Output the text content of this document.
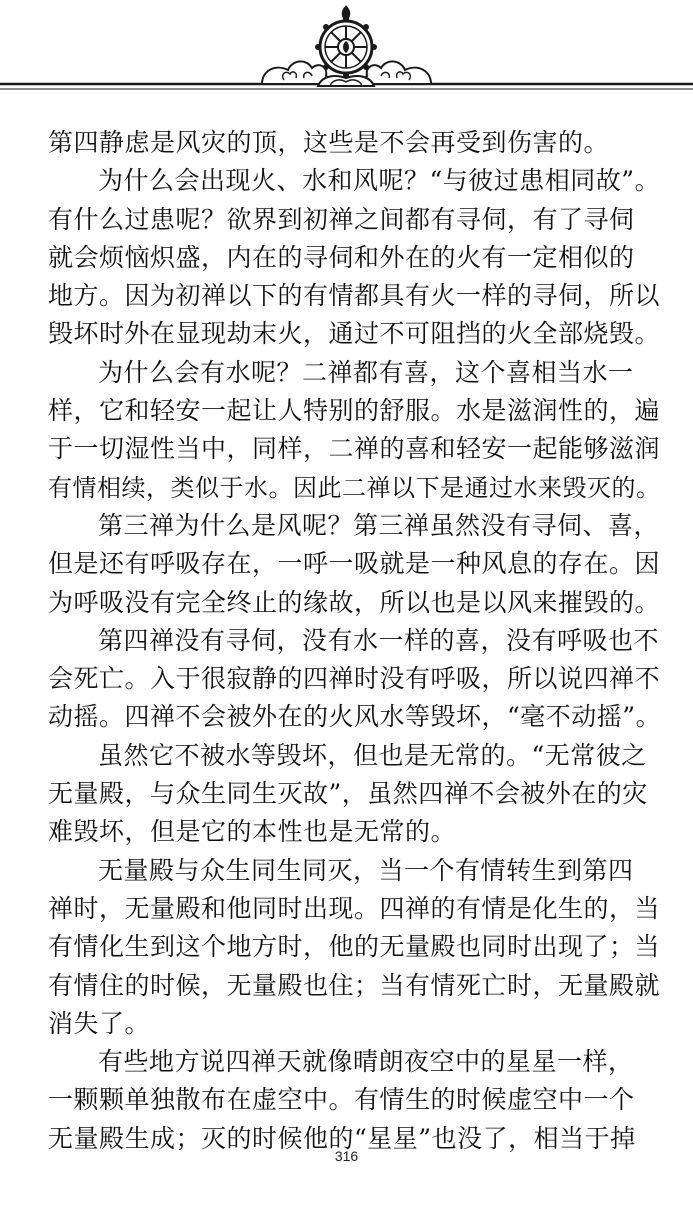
第四静虑是风灾的顶，这些是不会再受到伤害的。
为什么会出现火、水和风呢？“与彼过患相同故”。
有什么过患呢？欲界到初禅之间都有寻伺，有了寻伺
就会烦恼炽盛，内在的寻伺和外在的火有一定相似的
地方。因为初禅以下的有情都具有火一样的寻伺，所以
毁坏时外在显现劫末火，通过不可阻挡的火全部烧毁。
为什么会有水呢？二禅都有喜，这个喜相当水一
样，它和轻安一起让人特别的舒服。水是滋润性的，遍
于一切湿性当中，同样，二禅的喜和轻安一起能够滋润
有情相续，类似于水。因此二禅以下是通过水来毁灭的。
第三禅为什么是风呢？第三禅虽然没有寻伺、喜，
但是还有呼吸存在，一呼一吸就是一种风息的存在。因
为呼吸没有完全终止的缘故，所以也是以风来摧毁的。
第四禅没有寻伺，没有水一样的喜，没有呼吸也不
会死亡。入于很寂静的四禅时没有呼吸，所以说四禅不
动摇。四禅不会被外在的火风水等毁坏，“毫不动摇”。
虽然它不被水等毁坏，但也是无常的。“无常彼之
无量殿，与众生同生灭故”，虽然四禅不会被外在的灾
难毁坏，但是它的本性也是无常的。
无量殿与众生同生同灭，当一个有情转生到第四
禅时，无量殿和他同时出现。四禅的有情是化生的，当
有情化生到这个地方时，他的无量殿也同时出现了；当
有情住的时候，无量殿也住；当有情死亡时，无量殿就
消失了。
有些地方说四禅天就像晴朗夜空中的星星一样，
一颗颗单独散布在虚空中。有情生的时候虚空中一个
无量殿生成；灭的时候他的“星星”也没了，相当于掉
316
